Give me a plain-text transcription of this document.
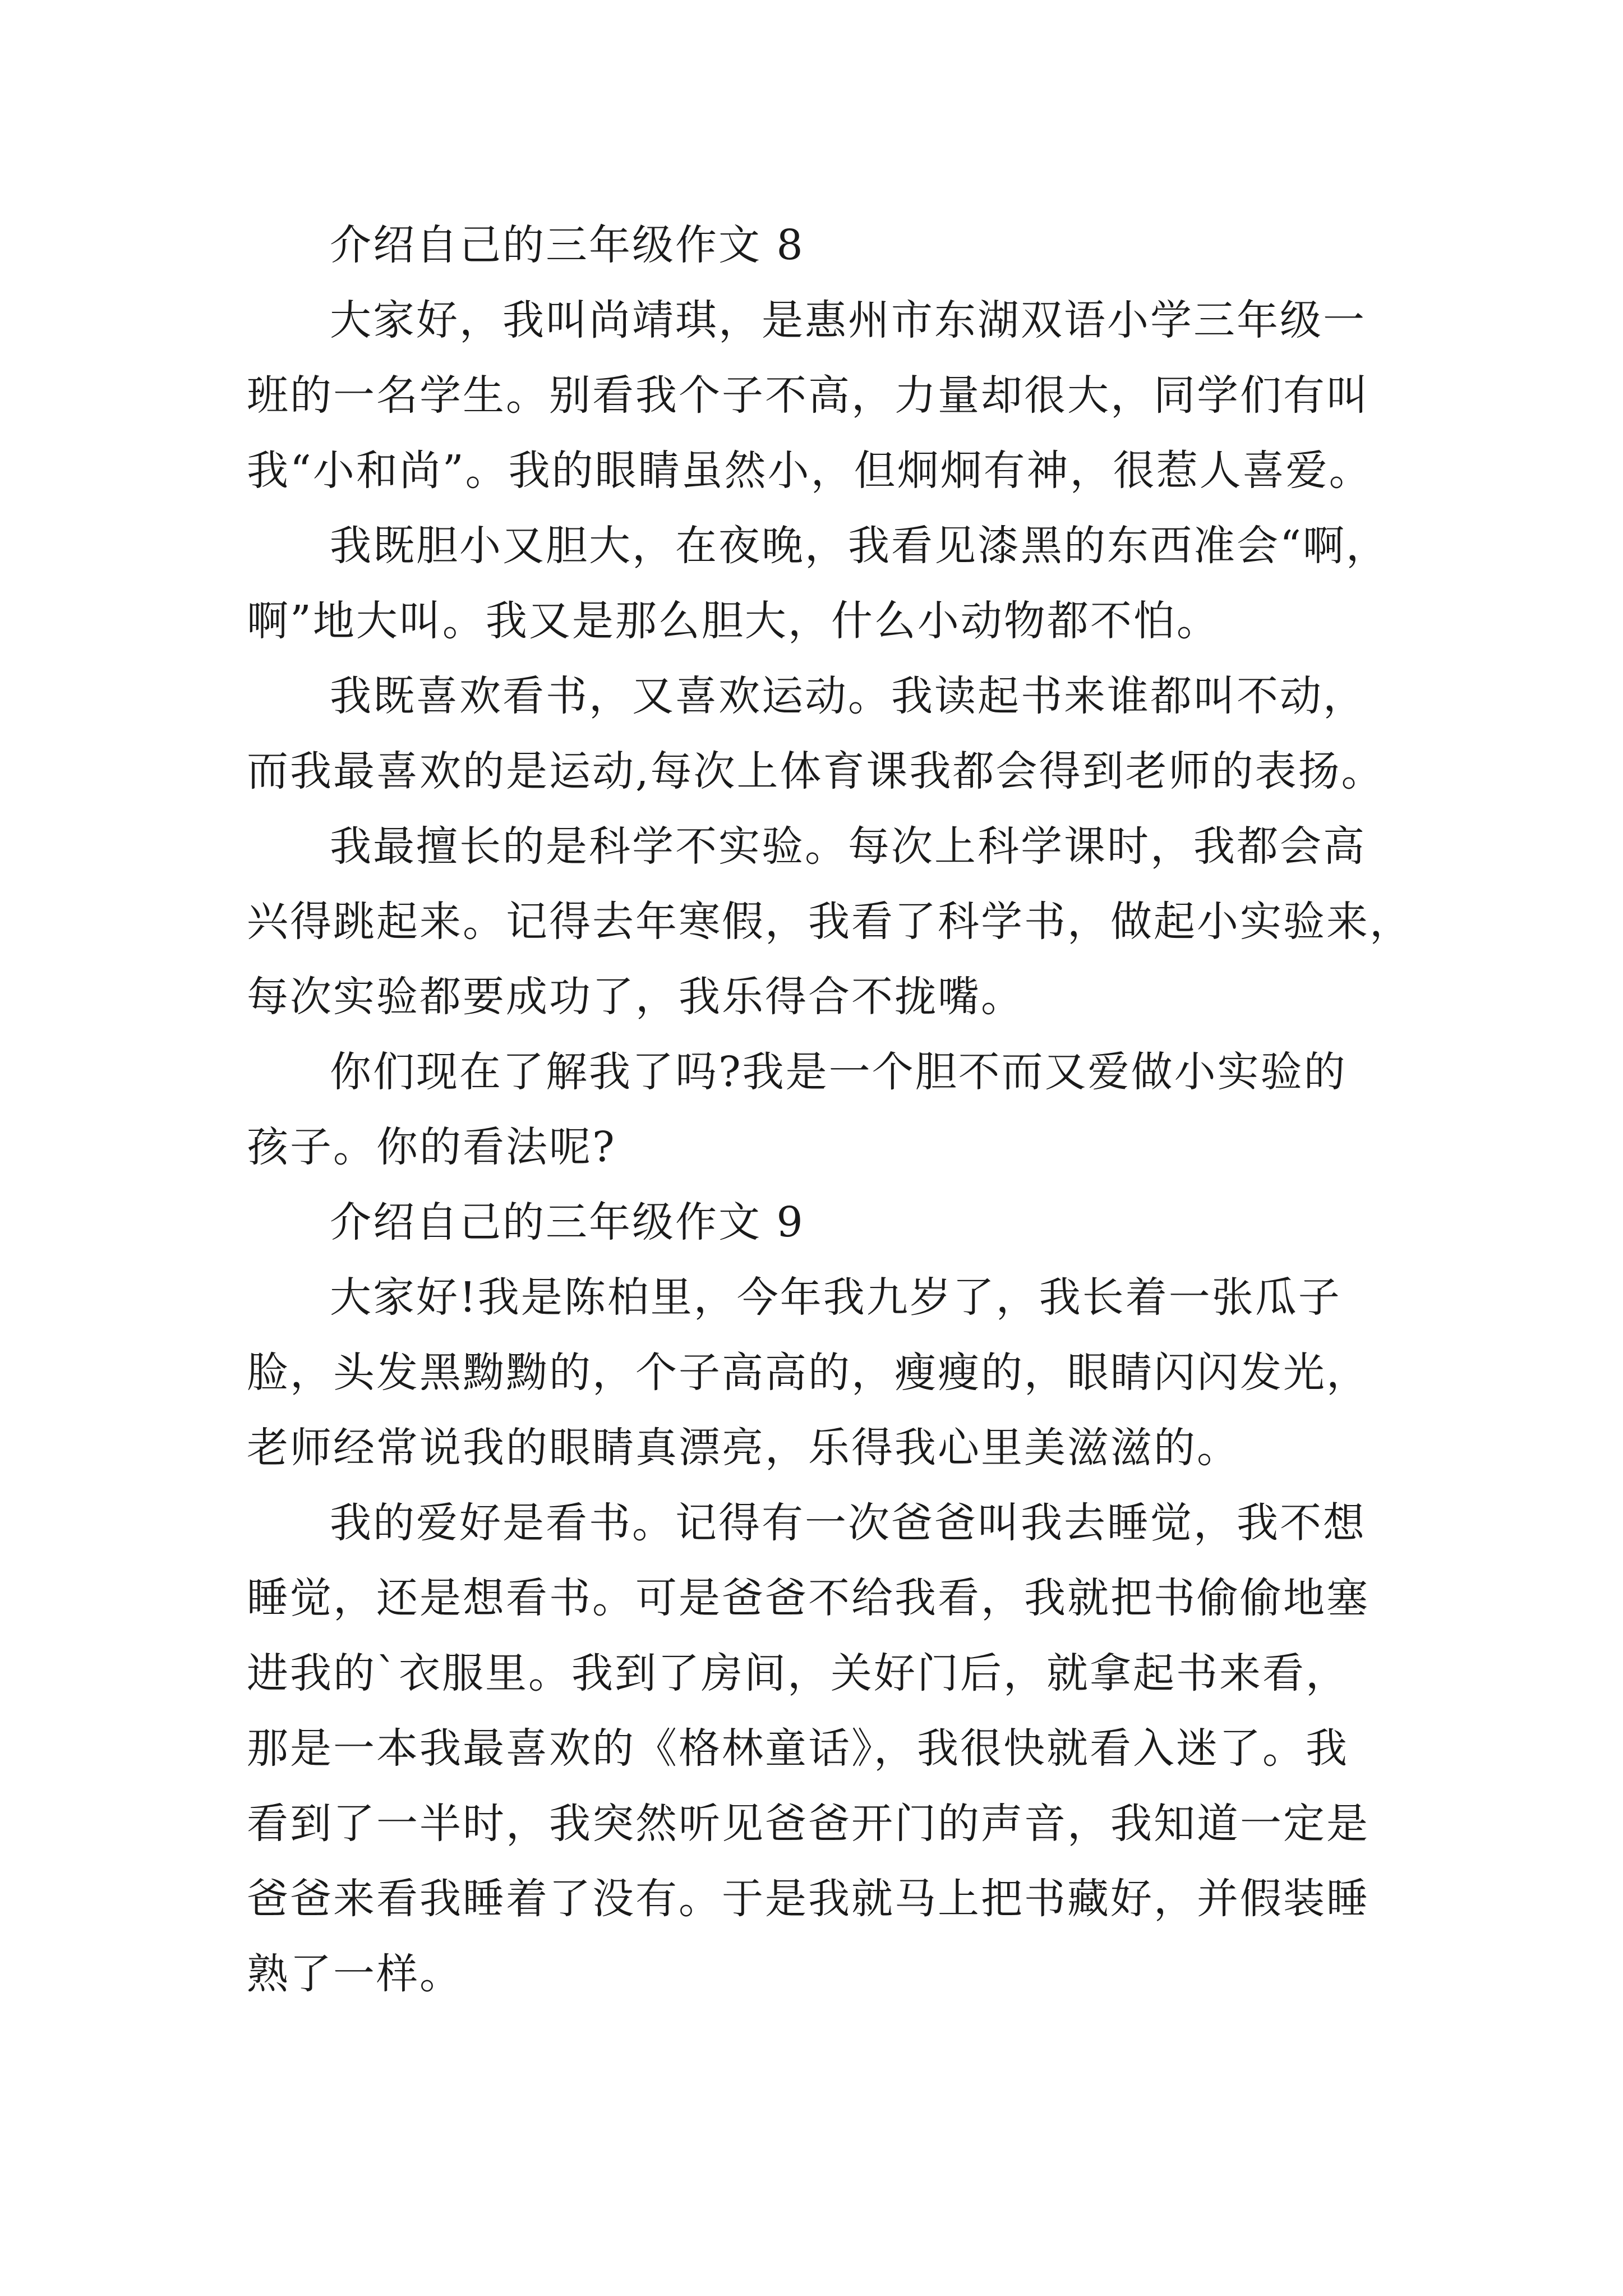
介绍自己的三年级作文 8
大家好，我叫尚靖琪，是惠州市东湖双语小学三年级一
班的一名学生。别看我个子不高，力量却很大，同学们有叫
我“小和尚”。我的眼睛虽然小，但炯炯有神，很惹人喜爱。
我既胆小又胆大，在夜晚，我看见漆黑的东西准会“啊，
啊”地大叫。我又是那么胆大，什么小动物都不怕。
我既喜欢看书，又喜欢运动。我读起书来谁都叫不动，
而我最喜欢的是运动,每次上体育课我都会得到老师的表扬。
我最擅长的是科学不实验。每次上科学课时，我都会高
兴得跳起来。记得去年寒假，我看了科学书，做起小实验来，
每次实验都要成功了，我乐得合不拢嘴。
你们现在了解我了吗?我是一个胆不而又爱做小实验的
孩子。你的看法呢?
介绍自己的三年级作文 9
大家好!我是陈柏里，今年我九岁了，我长着一张瓜子
脸，头发黑黝黝的，个子高高的，瘦瘦的，眼睛闪闪发光，
老师经常说我的眼睛真漂亮，乐得我心里美滋滋的。
我的爱好是看书。记得有一次爸爸叫我去睡觉，我不想
睡觉，还是想看书。可是爸爸不给我看，我就把书偷偷地塞
进我的`衣服里。我到了房间，关好门后，就拿起书来看，
那是一本我最喜欢的《格林童话》，我很快就看入迷了。我
看到了一半时，我突然听见爸爸开门的声音，我知道一定是
爸爸来看我睡着了没有。于是我就马上把书藏好，并假装睡
熟了一样。
